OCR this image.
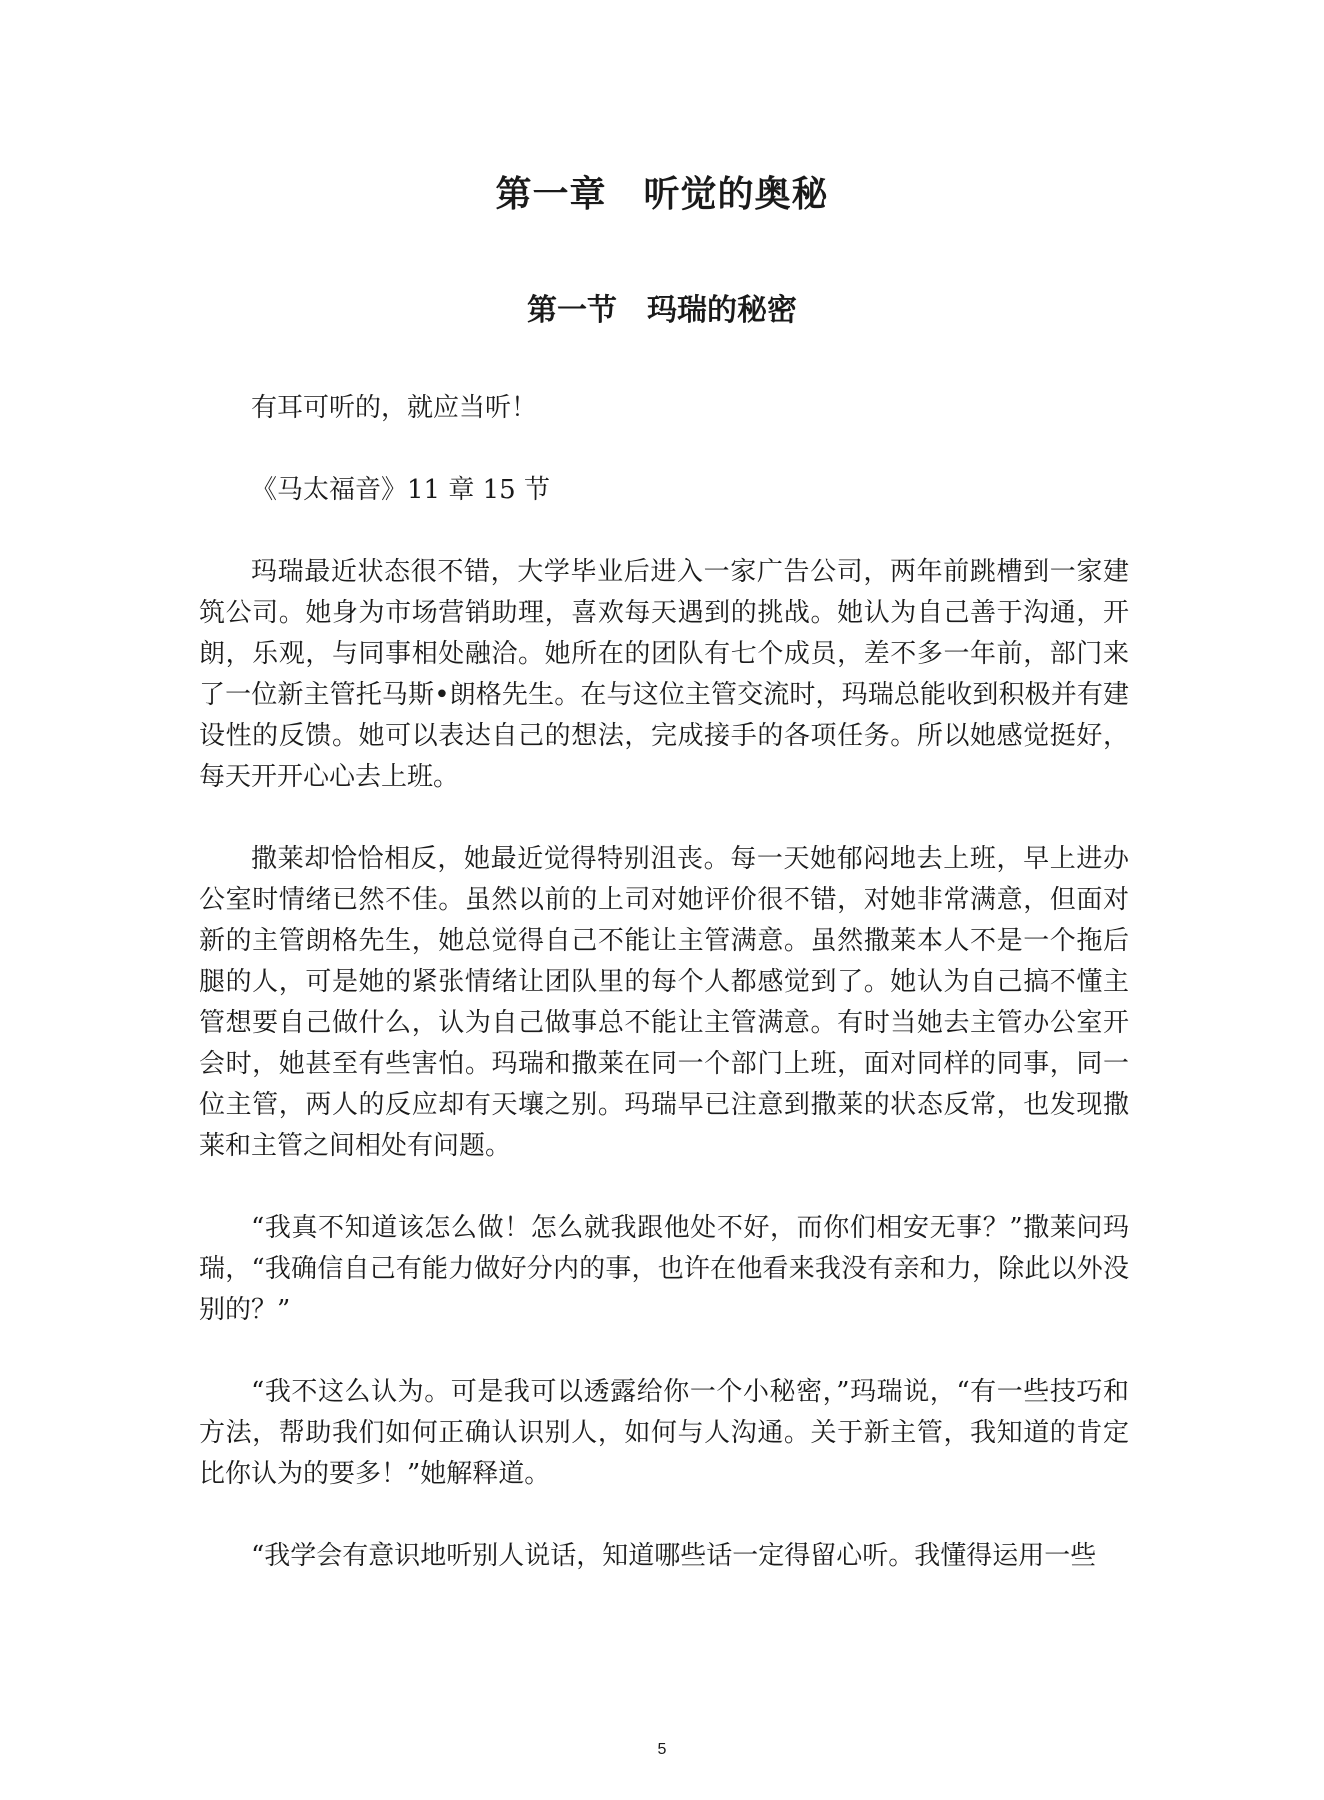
第一章　听觉的奥秘
第一节　玛瑞的秘密

有耳可听的，就应当听！

《马太福音》11 章 15 节

玛瑞最近状态很不错，大学毕业后进入一家广告公司，两年前跳槽到一家建筑公司。她身为市场营销助理，喜欢每天遇到的挑战。她认为自己善于沟通，开朗，乐观，与同事相处融洽。她所在的团队有七个成员，差不多一年前，部门来了一位新主管托马斯•朗格先生。在与这位主管交流时，玛瑞总能收到积极并有建设性的反馈。她可以表达自己的想法，完成接手的各项任务。所以她感觉挺好，每天开开心心去上班。

撒莱却恰恰相反，她最近觉得特别沮丧。每一天她郁闷地去上班，早上进办公室时情绪已然不佳。虽然以前的上司对她评价很不错，对她非常满意，但面对新的主管朗格先生，她总觉得自己不能让主管满意。虽然撒莱本人不是一个拖后腿的人，可是她的紧张情绪让团队里的每个人都感觉到了。她认为自己搞不懂主管想要自己做什么，认为自己做事总不能让主管满意。有时当她去主管办公室开会时，她甚至有些害怕。玛瑞和撒莱在同一个部门上班，面对同样的同事，同一位主管，两人的反应却有天壤之别。玛瑞早已注意到撒莱的状态反常，也发现撒莱和主管之间相处有问题。

“我真不知道该怎么做！怎么就我跟他处不好，而你们相安无事？”撒莱问玛瑞，“我确信自己有能力做好分内的事，也许在他看来我没有亲和力，除此以外没别的？”

“我不这么认为。可是我可以透露给你一个小秘密，”玛瑞说，“有一些技巧和方法，帮助我们如何正确认识别人，如何与人沟通。关于新主管，我知道的肯定比你认为的要多！”她解释道。

“我学会有意识地听别人说话，知道哪些话一定得留心听。我懂得运用一些

5
